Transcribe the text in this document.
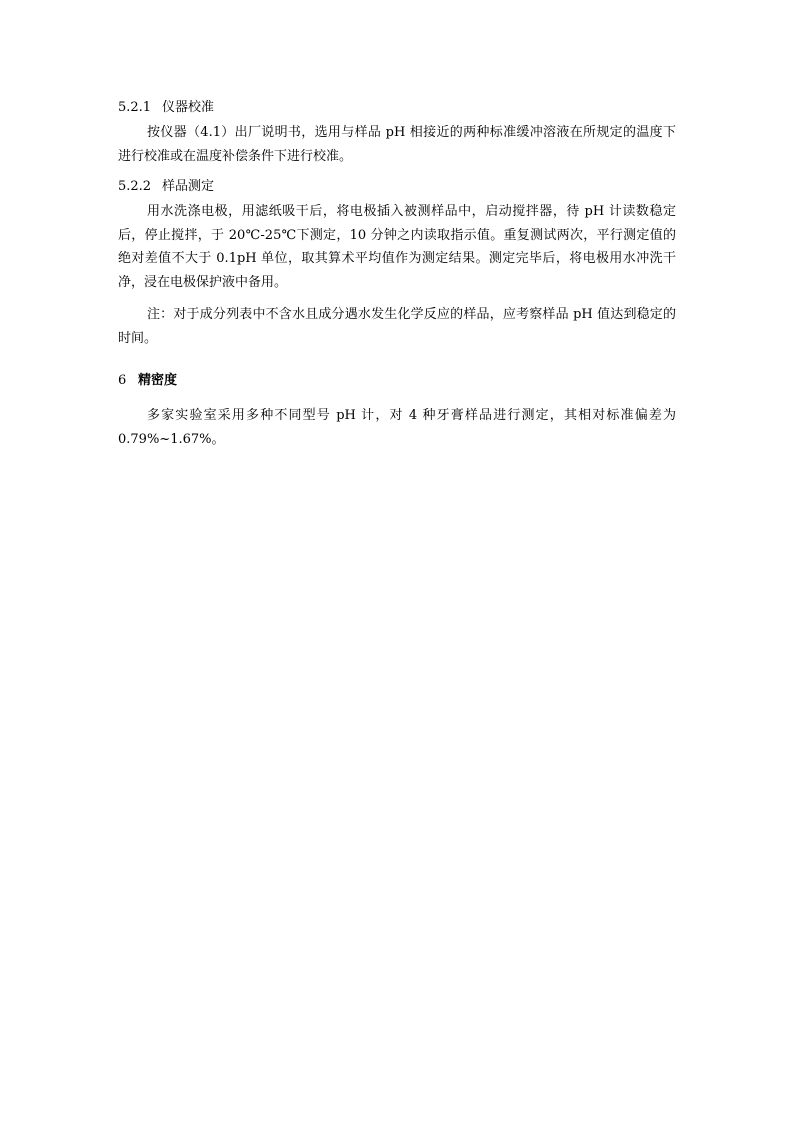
5.2.1 仪器校准
按仪器（4.1）出厂说明书，选用与样品 pH 相接近的两种标准缓冲溶液在所规定的温度下进行校准或在温度补偿条件下进行校准。
5.2.2 样品测定
用水洗涤电极，用滤纸吸干后，将电极插入被测样品中，启动搅拌器，待 pH 计读数稳定后，停止搅拌，于 20℃-25℃下测定，10 分钟之内读取指示值。重复测试两次，平行测定值的绝对差值不大于 0.1pH 单位，取其算术平均值作为测定结果。测定完毕后，将电极用水冲洗干净，浸在电极保护液中备用。
注：对于成分列表中不含水且成分遇水发生化学反应的样品，应考察样品 pH 值达到稳定的时间。
6 精密度
多家实验室采用多种不同型号 pH 计，对 4 种牙膏样品进行测定，其相对标准偏差为 0.79%~1.67%。
